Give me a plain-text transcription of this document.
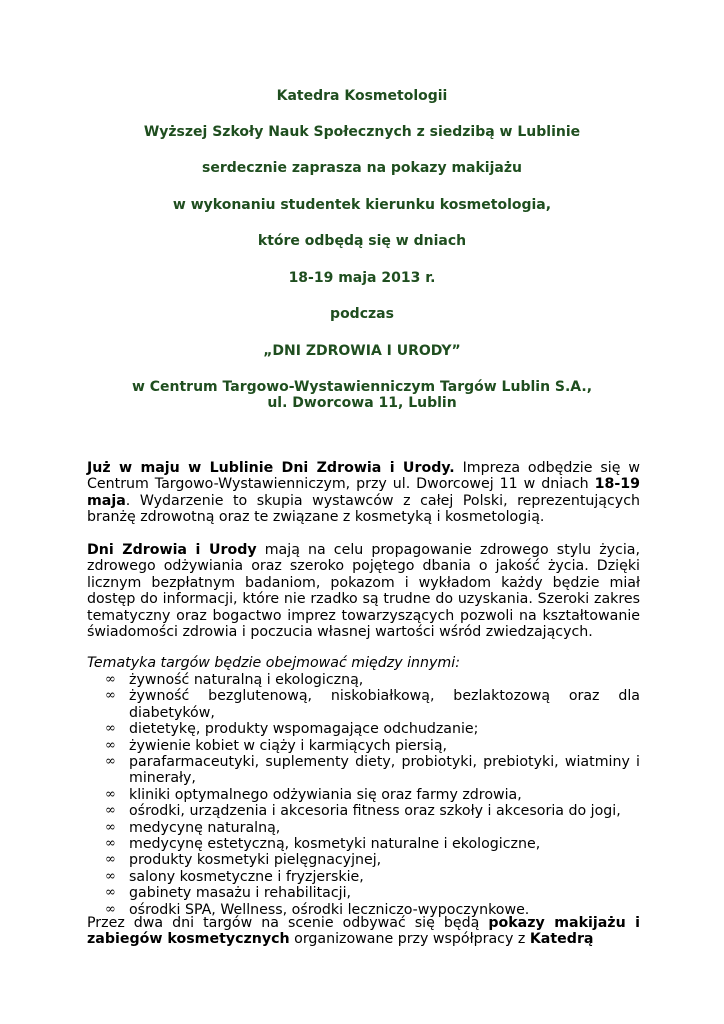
Katedra Kosmetologii
Wyższej Szkoły Nauk Społecznych z siedzibą w Lublinie
serdecznie zaprasza na pokazy makijażu
w wykonaniu studentek kierunku kosmetologia,
które odbędą się w dniach
18-19 maja 2013 r.
podczas
„DNI ZDROWIA I URODY”
w Centrum Targowo-Wystawienniczym Targów Lublin S.A.,
ul. Dworcowa 11, Lublin
Już w maju w Lublinie Dni Zdrowia i Urody. Impreza odbędzie się w Centrum Targowo-Wystawienniczym, przy ul. Dworcowej 11 w dniach 18-19 maja. Wydarzenie to skupia wystawców z całej Polski, reprezentujących branżę zdrowotną oraz te związane z kosmetyką i kosmetologią.
Dni Zdrowia i Urody mają na celu propagowanie zdrowego stylu życia, zdrowego odżywiania oraz szeroko pojętego dbania o jakość życia. Dzięki licznym bezpłatnym badaniom, pokazom i wykładom każdy będzie miał dostęp do informacji, które nie rzadko są trudne do uzyskania. Szeroki zakres tematyczny oraz bogactwo imprez towarzyszących pozwoli na kształtowanie świadomości zdrowia i poczucia własnej wartości wśród zwiedzających.
Tematyka targów będzie obejmować między innymi:
∞ żywność naturalną i ekologiczną,
∞ żywność bezglutenową, niskobiałkową, bezlaktozową oraz dla diabetyków,
∞ dietetykę, produkty wspomagające odchudzanie;
∞ żywienie kobiet w ciąży i karmiących piersią,
∞ parafarmaceutyki, suplementy diety, probiotyki, prebiotyki, wiatminy i minerały,
∞ kliniki optymalnego odżywiania się oraz farmy zdrowia,
∞ ośrodki, urządzenia i akcesoria fitness oraz szkoły i akcesoria do jogi,
∞ medycynę naturalną,
∞ medycynę estetyczną, kosmetyki naturalne i ekologiczne,
∞ produkty kosmetyki pielęgnacyjnej,
∞ salony kosmetyczne i fryzjerskie,
∞ gabinety masażu i rehabilitacji,
∞ ośrodki SPA, Wellness, ośrodki leczniczo-wypoczynkowe.
Przez dwa dni targów na scenie odbywać się będą pokazy makijażu i zabiegów kosmetycznych organizowane przy współpracy z Katedrą
